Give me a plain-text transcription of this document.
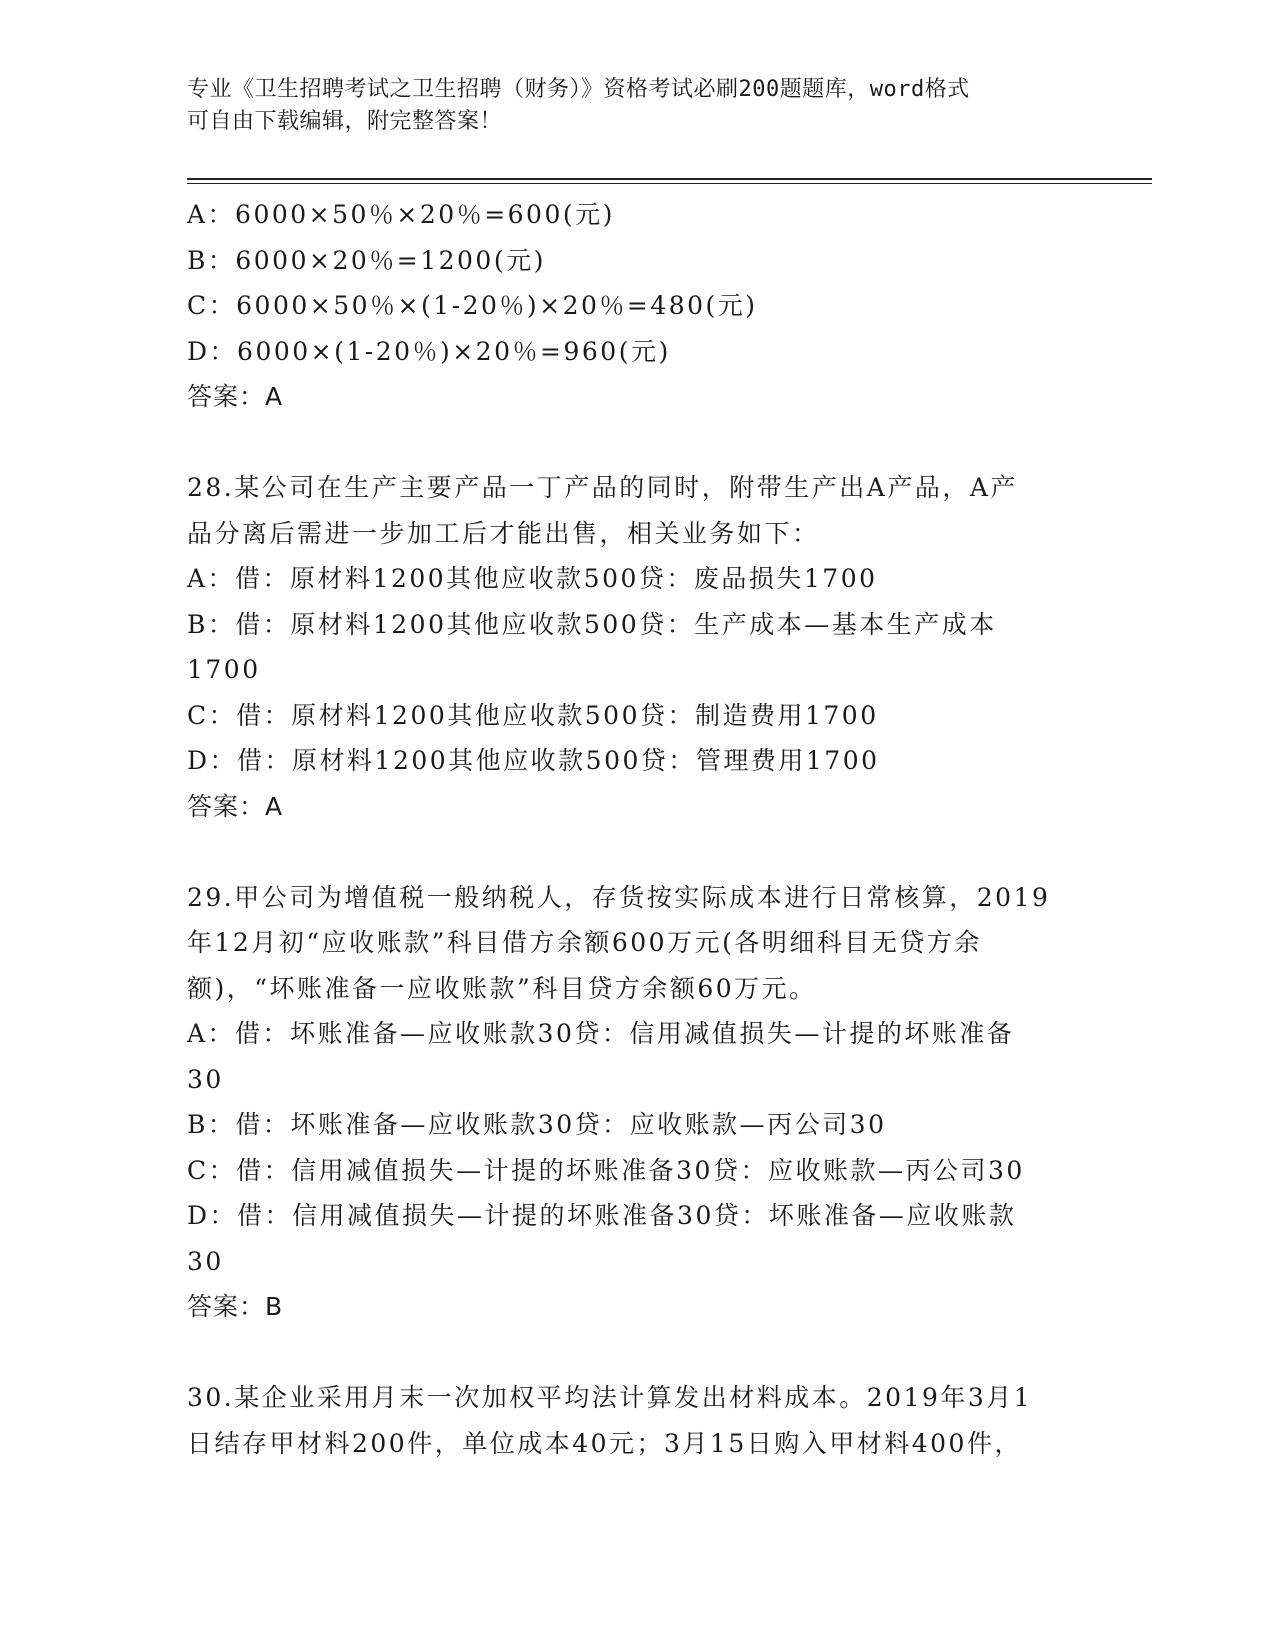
专业《卫生招聘考试之卫生招聘（财务）》资格考试必刷200题题库，word格式
可自由下载编辑，附完整答案！
A：6000×50％×20％=600(元)
B：6000×20％=1200(元)
C：6000×50％×(1-20％)×20％=480(元)
D：6000×(1-20％)×20％=960(元)
答案：A
28.某公司在生产主要产品一丁产品的同时，附带生产出A产品，A产
品分离后需进一步加工后才能出售，相关业务如下：
A：借：原材料1200其他应收款500贷：废品损失1700
B：借：原材料1200其他应收款500贷：生产成本—基本生产成本
1700
C：借：原材料1200其他应收款500贷：制造费用1700
D：借：原材料1200其他应收款500贷：管理费用1700
答案：A
29.甲公司为增值税一般纳税人，存货按实际成本进行日常核算，2019
年12月初“应收账款”科目借方余额600万元(各明细科目无贷方余
额)，“坏账准备一应收账款”科目贷方余额60万元。
A：借：坏账准备—应收账款30贷：信用减值损失—计提的坏账准备
30
B：借：坏账准备—应收账款30贷：应收账款—丙公司30
C：借：信用减值损失—计提的坏账准备30贷：应收账款—丙公司30
D：借：信用减值损失—计提的坏账准备30贷：坏账准备—应收账款
30
答案：B
30.某企业采用月末一次加权平均法计算发出材料成本。2019年3月1
日结存甲材料200件，单位成本40元；3月15日购入甲材料400件，
